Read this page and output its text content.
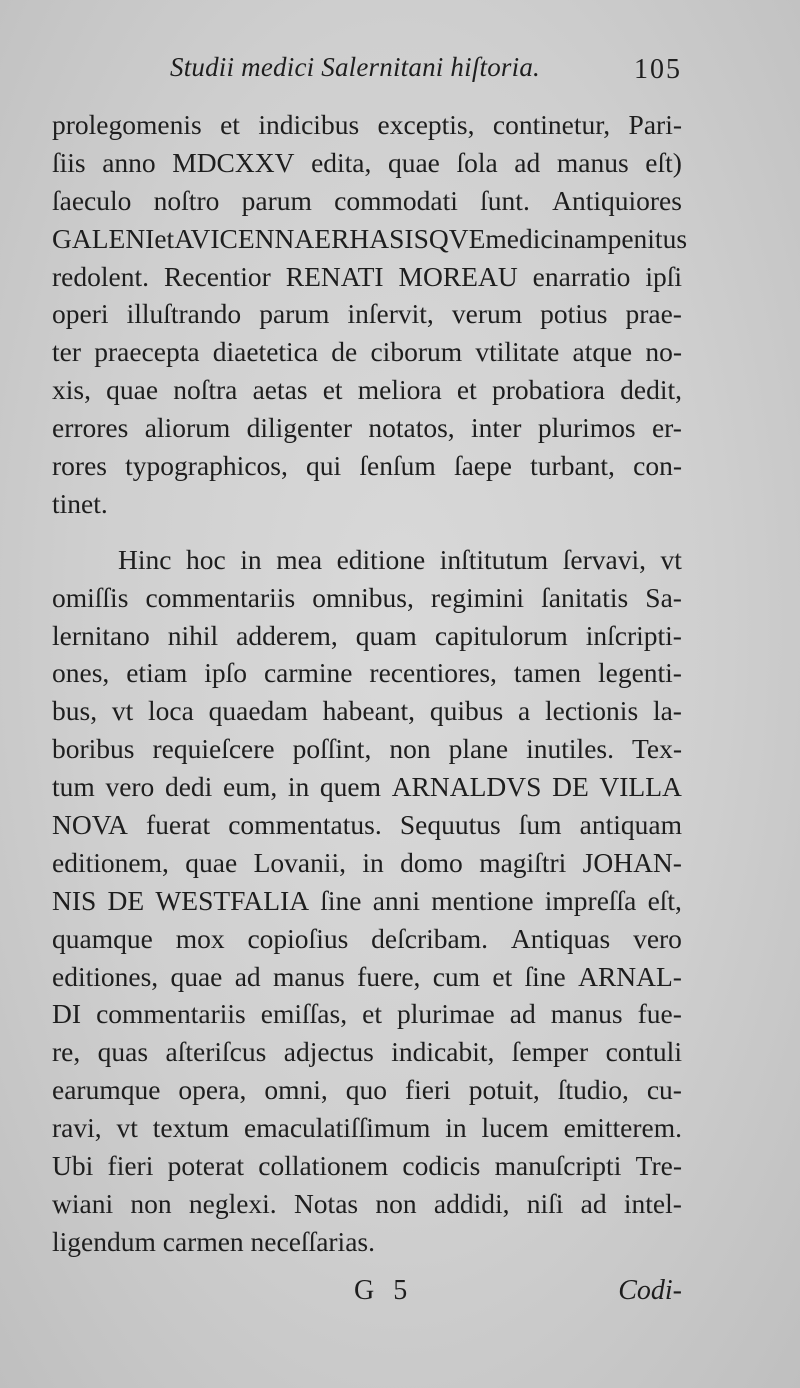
Studii medici Salernitani hiſtoria.	105
prolegomenis et indicibus exceptis, continetur, Pari-
ſiis anno MDCXXV edita, quae ſola ad manus eſt)
ſaeculo noſtro parum commodati ſunt. Antiquiores
GALENI et AVICENNAE RHASISQVE medicinam penitus
redolent. Recentior RENATI MOREAU enarratio ipſi
operi illuſtrando parum inſervit, verum potius prae-
ter praecepta diaetetica de ciborum vtilitate atque no-
xis, quae noſtra aetas et meliora et probatiora dedit,
errores aliorum diligenter notatos, inter plurimos er-
rores typographicos, qui ſenſum ſaepe turbant, con-
tinet.
Hinc hoc in mea editione inſtitutum ſervavi, vt
omiſſis commentariis omnibus, regimini ſanitatis Sa-
lernitano nihil adderem, quam capitulorum inſcripti-
ones, etiam ipſo carmine recentiores, tamen legenti-
bus, vt loca quaedam habeant, quibus a lectionis la-
boribus requieſcere poſſint, non plane inutiles. Tex-
tum vero dedi eum, in quem ARNALDVS DE VILLA
NOVA fuerat commentatus. Sequutus ſum antiquam
editionem, quae Lovanii, in domo magiſtri JOHAN-
NIS DE WESTFALIA ſine anni mentione impreſſa eſt,
quamque mox copioſius deſcribam. Antiquas vero
editiones, quae ad manus fuere, cum et ſine ARNAL-
DI commentariis emiſſas, et plurimae ad manus fue-
re, quas aſteriſcus adjectus indicabit, ſemper contuli
earumque opera, omni, quo fieri potuit, ſtudio, cu-
ravi, vt textum emaculatiſſimum in lucem emitterem.
Ubi fieri poterat collationem codicis manuſcripti Tre-
wiani non neglexi. Notas non addidi, niſi ad intel-
ligendum carmen neceſſarias.
G 5	Codi-
